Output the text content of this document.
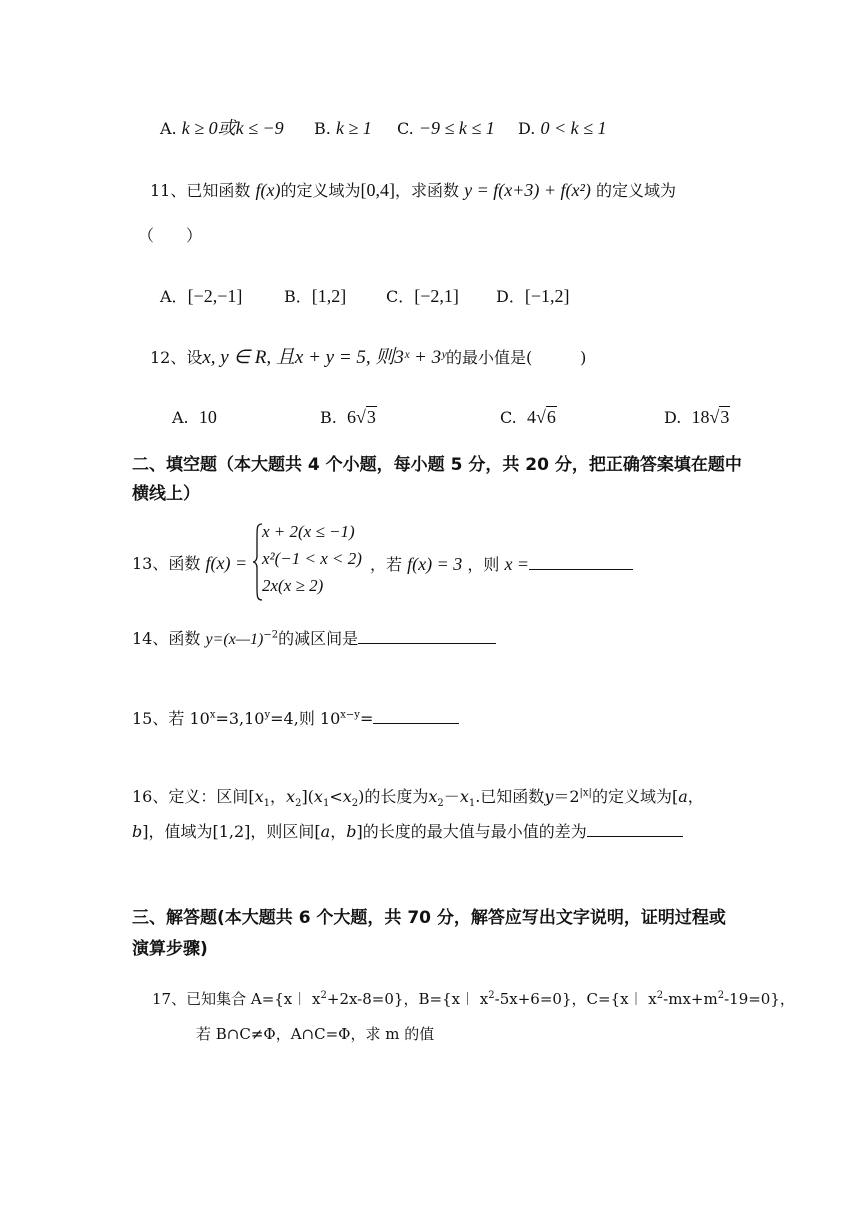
A. k ≥ 0或k ≤ −9 B. k ≥ 1 C. −9 ≤ k ≤ 1 D. 0 < k ≤ 1
11、已知函数 f(x)的定义域为[0,4]，求函数 y = f(x+3) + f(x²) 的定义域为
（　　）
A．[−2,−1]	B．[1,2] C．[−2,1] D．[−1,2]
12、设x, y ∈ R, 且x + y = 5, 则3ˣ + 3ʸ的最小值是(　　　)
A. 10	B. 6√3	C. 4√6	D. 18√3
二、填空题（本大题共 4 个小题，每小题 5 分，共 20 分，把正确答案填在题中
横线上）
13、函数 f(x) =
x + 2(x ≤ −1)
x²(−1 < x < 2)
2x(x ≥ 2)
，若 f(x) = 3 ，则 x =
14、函数 y=(x—1)$^{-2}$的减区间是
15、若 $10^x=3,10^y=4$,则 $10^{x-y}=$
16、定义：区间[$x_1$，$x_2](x_1<x_2)$的长度为$x_2-x_1$.已知函数$y=2^{|x|}$的定义域为[a，
b]，值域为[1,2]，则区间[a，b]的长度的最大值与最小值的差为
三、解答题(本大题共 6 个大题，共 70 分，解答应写出文字说明，证明过程或
演算步骤)
17、已知集合 A={x︱ $x^2+2x-8=0$}，B={x︱ $x^2-5x+6=0$}，C={x︱ $x^2-mx+m^2-19=0$}，
若 B∩C≠Φ，A∩C=Φ，求 m 的值
